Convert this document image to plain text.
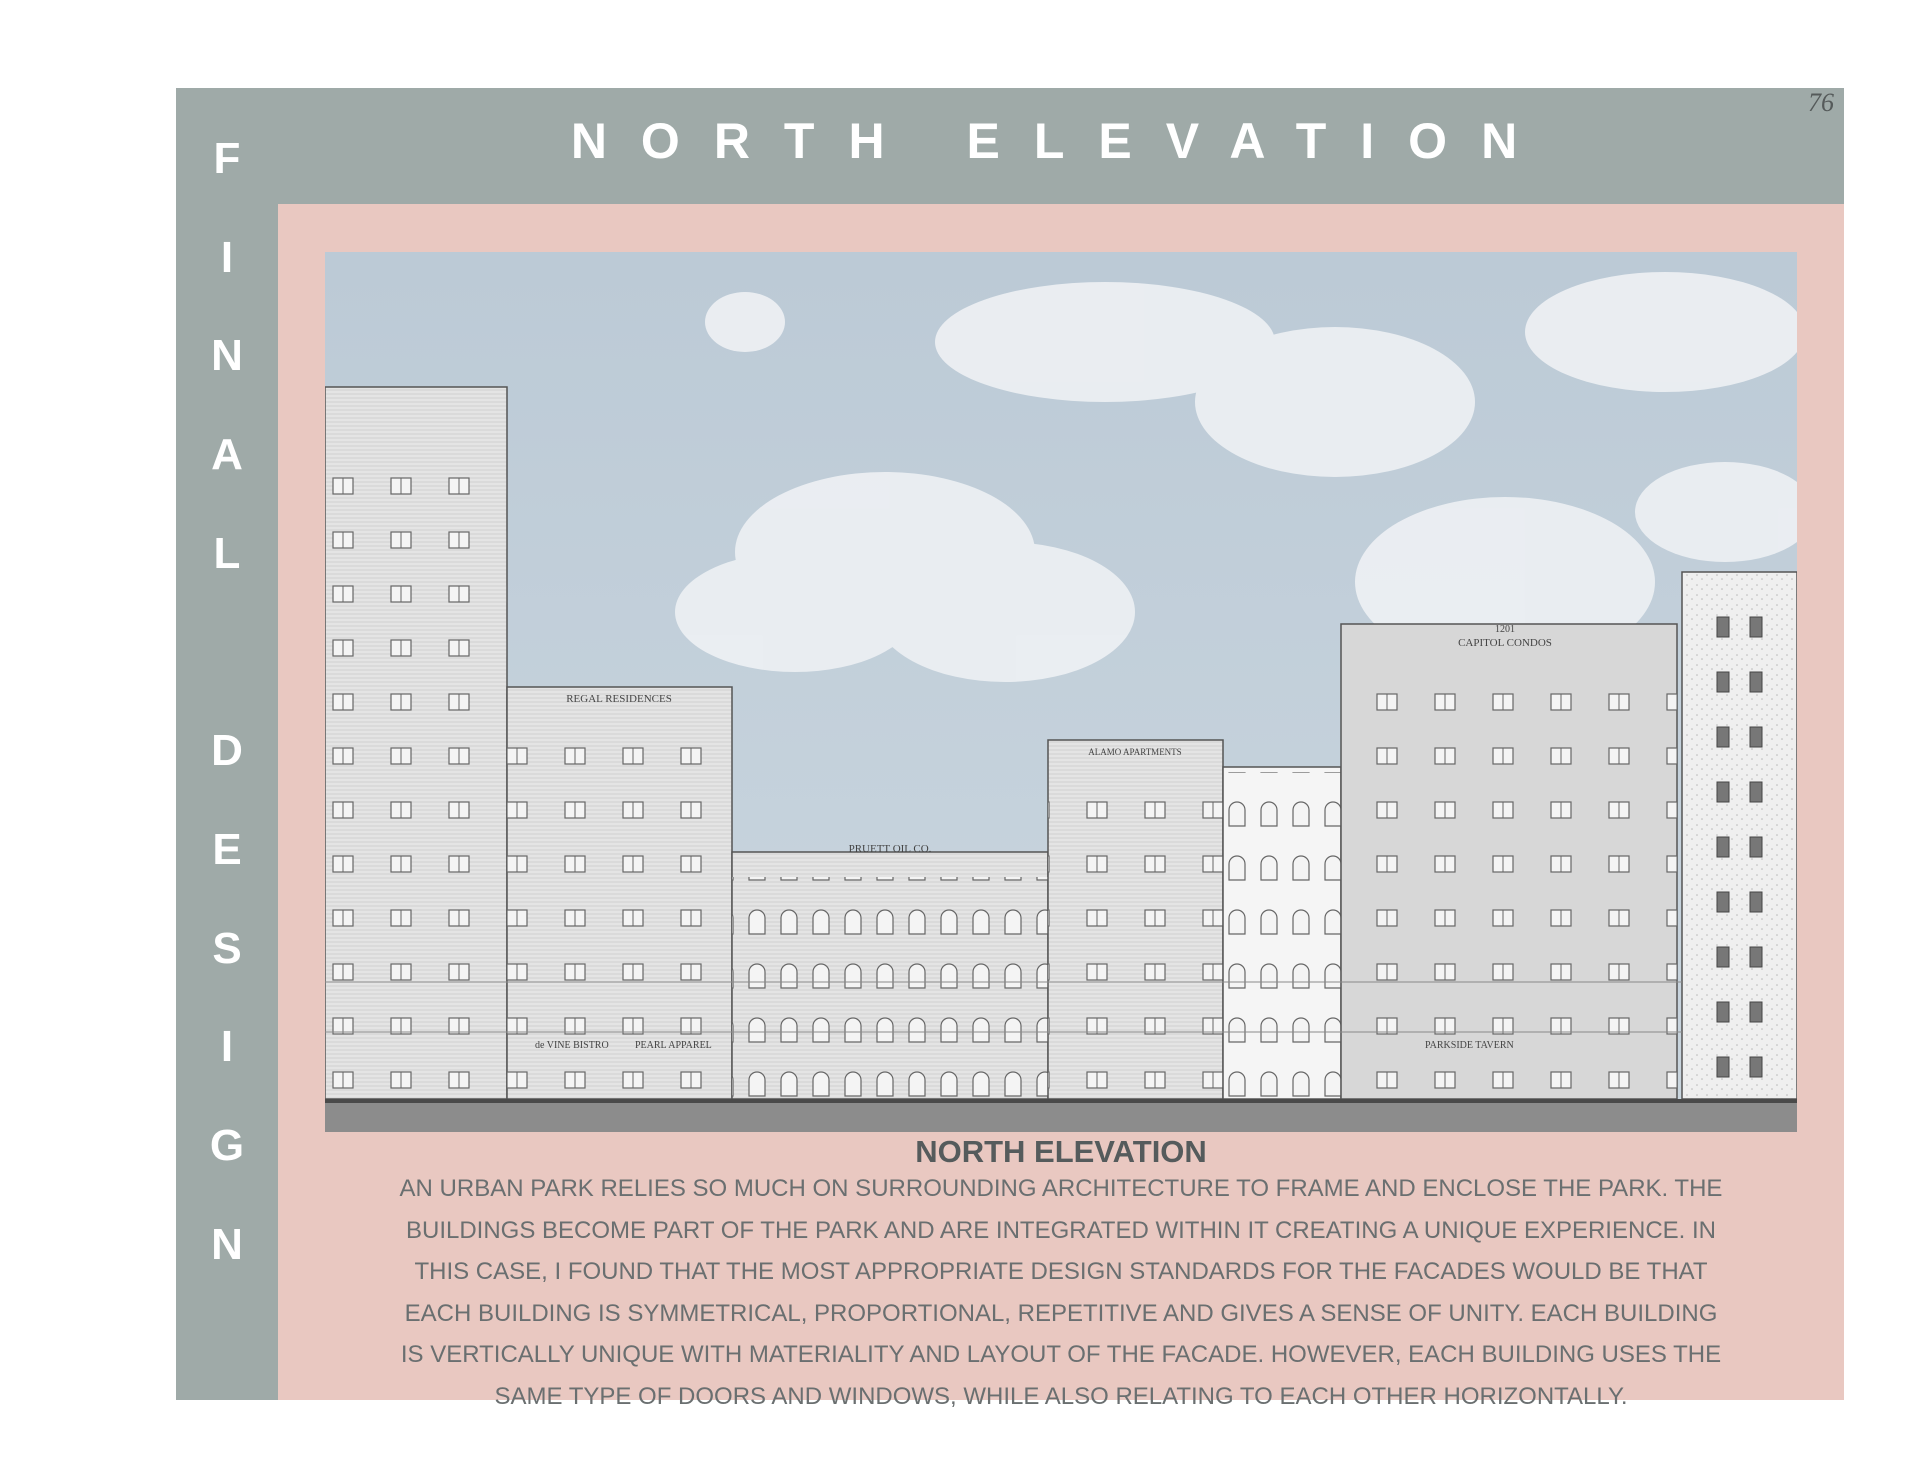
F
I
N
A
L
D
E
S
I
G
N
NORTH ELEVATION
76
REGAL RESIDENCES
de VINE BISTRO	PEARL APPAREL
PRUETT OIL CO.
ALAMO APARTMENTS
1201
CAPITOL CONDOS
PARKSIDE TAVERN
NORTH ELEVATION
AN URBAN PARK RELIES SO MUCH ON SURROUNDING ARCHITECTURE TO FRAME AND ENCLOSE THE PARK. THE
BUILDINGS BECOME PART OF THE PARK AND ARE INTEGRATED WITHIN IT CREATING A UNIQUE EXPERIENCE. IN
THIS CASE, I FOUND THAT THE MOST APPROPRIATE DESIGN STANDARDS FOR THE FACADES WOULD BE THAT
EACH BUILDING IS SYMMETRICAL, PROPORTIONAL, REPETITIVE AND GIVES A SENSE OF UNITY. EACH BUILDING
IS VERTICALLY UNIQUE WITH MATERIALITY AND LAYOUT OF THE FACADE. HOWEVER, EACH BUILDING USES THE
SAME TYPE OF DOORS AND WINDOWS, WHILE ALSO RELATING TO EACH OTHER HORIZONTALLY.
